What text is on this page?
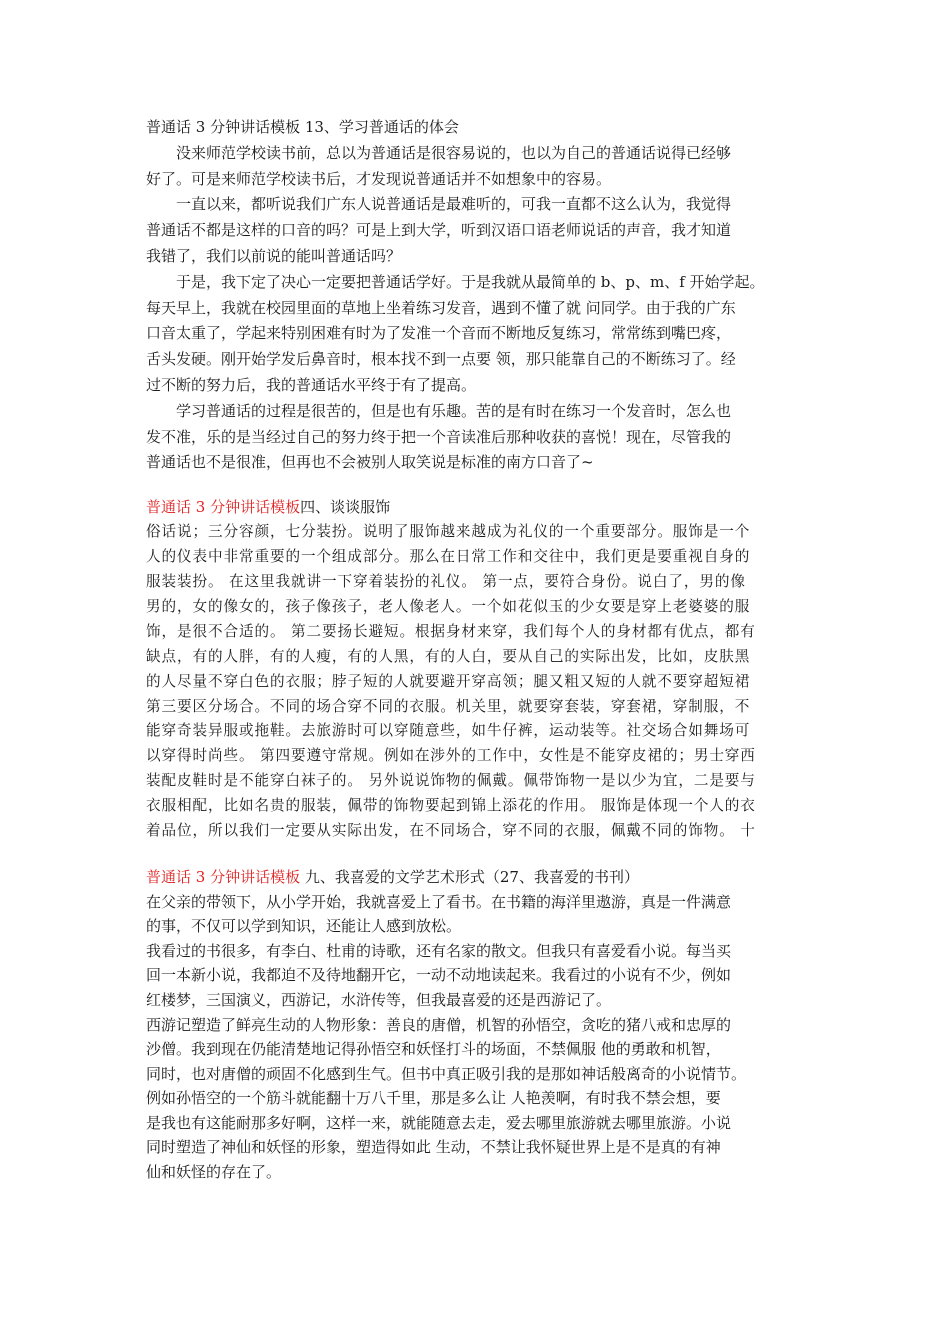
普通话 3 分钟讲话模板 13、学习普通话的体会
没来师范学校读书前，总以为普通话是很容易说的，也以为自己的普通话说得已经够
好了。可是来师范学校读书后，才发现说普通话并不如想象中的容易。
一直以来，都听说我们广东人说普通话是最难听的，可我一直都不这么认为，我觉得
普通话不都是这样的口音的吗？可是上到大学，听到汉语口语老师说话的声音，我才知道
我错了，我们以前说的能叫普通话吗？
于是，我下定了决心一定要把普通话学好。于是我就从最简单的 b、p、m、f 开始学起。
每天早上，我就在校园里面的草地上坐着练习发音，遇到不懂了就 问同学。由于我的广东
口音太重了，学起来特别困难有时为了发准一个音而不断地反复练习，常常练到嘴巴疼，
舌头发硬。刚开始学发后鼻音时，根本找不到一点要 领，那只能靠自己的不断练习了。经
过不断的努力后，我的普通话水平终于有了提高。
学习普通话的过程是很苦的，但是也有乐趣。苦的是有时在练习一个发音时，怎么也
发不准，乐的是当经过自己的努力终于把一个音读准后那种收获的喜悦！现在，尽管我的
普通话也不是很准，但再也不会被别人取笑说是标准的南方口音了~
普通话 3 分钟讲话模板四、谈谈服饰
俗话说；三分容颜，七分装扮。说明了服饰越来越成为礼仪的一个重要部分。服饰是一个
人的仪表中非常重要的一个组成部分。那么在日常工作和交往中，我们更是要重视自身的
服装装扮。 在这里我就讲一下穿着装扮的礼仪。 第一点，要符合身份。说白了，男的像
男的，女的像女的，孩子像孩子，老人像老人。一个如花似玉的少女要是穿上老婆婆的服
饰，是很不合适的。 第二要扬长避短。根据身材来穿，我们每个人的身材都有优点，都有
缺点，有的人胖，有的人瘦，有的人黑，有的人白，要从自己的实际出发，比如，皮肤黑
的人尽量不穿白色的衣服；脖子短的人就要避开穿高领；腿又粗又短的人就不要穿超短裙
第三要区分场合。不同的场合穿不同的衣服。机关里，就要穿套装，穿套裙，穿制服，不
能穿奇装异服或拖鞋。去旅游时可以穿随意些，如牛仔裤，运动装等。社交场合如舞场可
以穿得时尚些。 第四要遵守常规。例如在涉外的工作中，女性是不能穿皮裙的；男士穿西
装配皮鞋时是不能穿白袜子的。 另外说说饰物的佩戴。佩带饰物一是以少为宜，二是要与
衣服相配，比如名贵的服装，佩带的饰物要起到锦上添花的作用。 服饰是体现一个人的衣
着品位，所以我们一定要从实际出发，在不同场合，穿不同的衣服，佩戴不同的饰物。 十
普通话 3 分钟讲话模板 九、我喜爱的文学艺术形式（27、我喜爱的书刊）
在父亲的带领下，从小学开始，我就喜爱上了看书。在书籍的海洋里遨游，真是一件满意
的事，不仅可以学到知识，还能让人感到放松。
我看过的书很多，有李白、杜甫的诗歌，还有名家的散文。但我只有喜爱看小说。每当买
回一本新小说，我都迫不及待地翻开它，一动不动地读起来。我看过的小说有不少，例如
红楼梦，三国演义，西游记，水浒传等，但我最喜爱的还是西游记了。
西游记塑造了鲜亮生动的人物形象：善良的唐僧，机智的孙悟空，贪吃的猪八戒和忠厚的
沙僧。我到现在仍能清楚地记得孙悟空和妖怪打斗的场面，不禁佩服 他的勇敢和机智，
同时，也对唐僧的顽固不化感到生气。但书中真正吸引我的是那如神话般离奇的小说情节。
例如孙悟空的一个筋斗就能翻十万八千里，那是多么让 人艳羡啊，有时我不禁会想，要
是我也有这能耐那多好啊，这样一来，就能随意去走，爱去哪里旅游就去哪里旅游。小说
同时塑造了神仙和妖怪的形象，塑造得如此 生动，不禁让我怀疑世界上是不是真的有神
仙和妖怪的存在了。
